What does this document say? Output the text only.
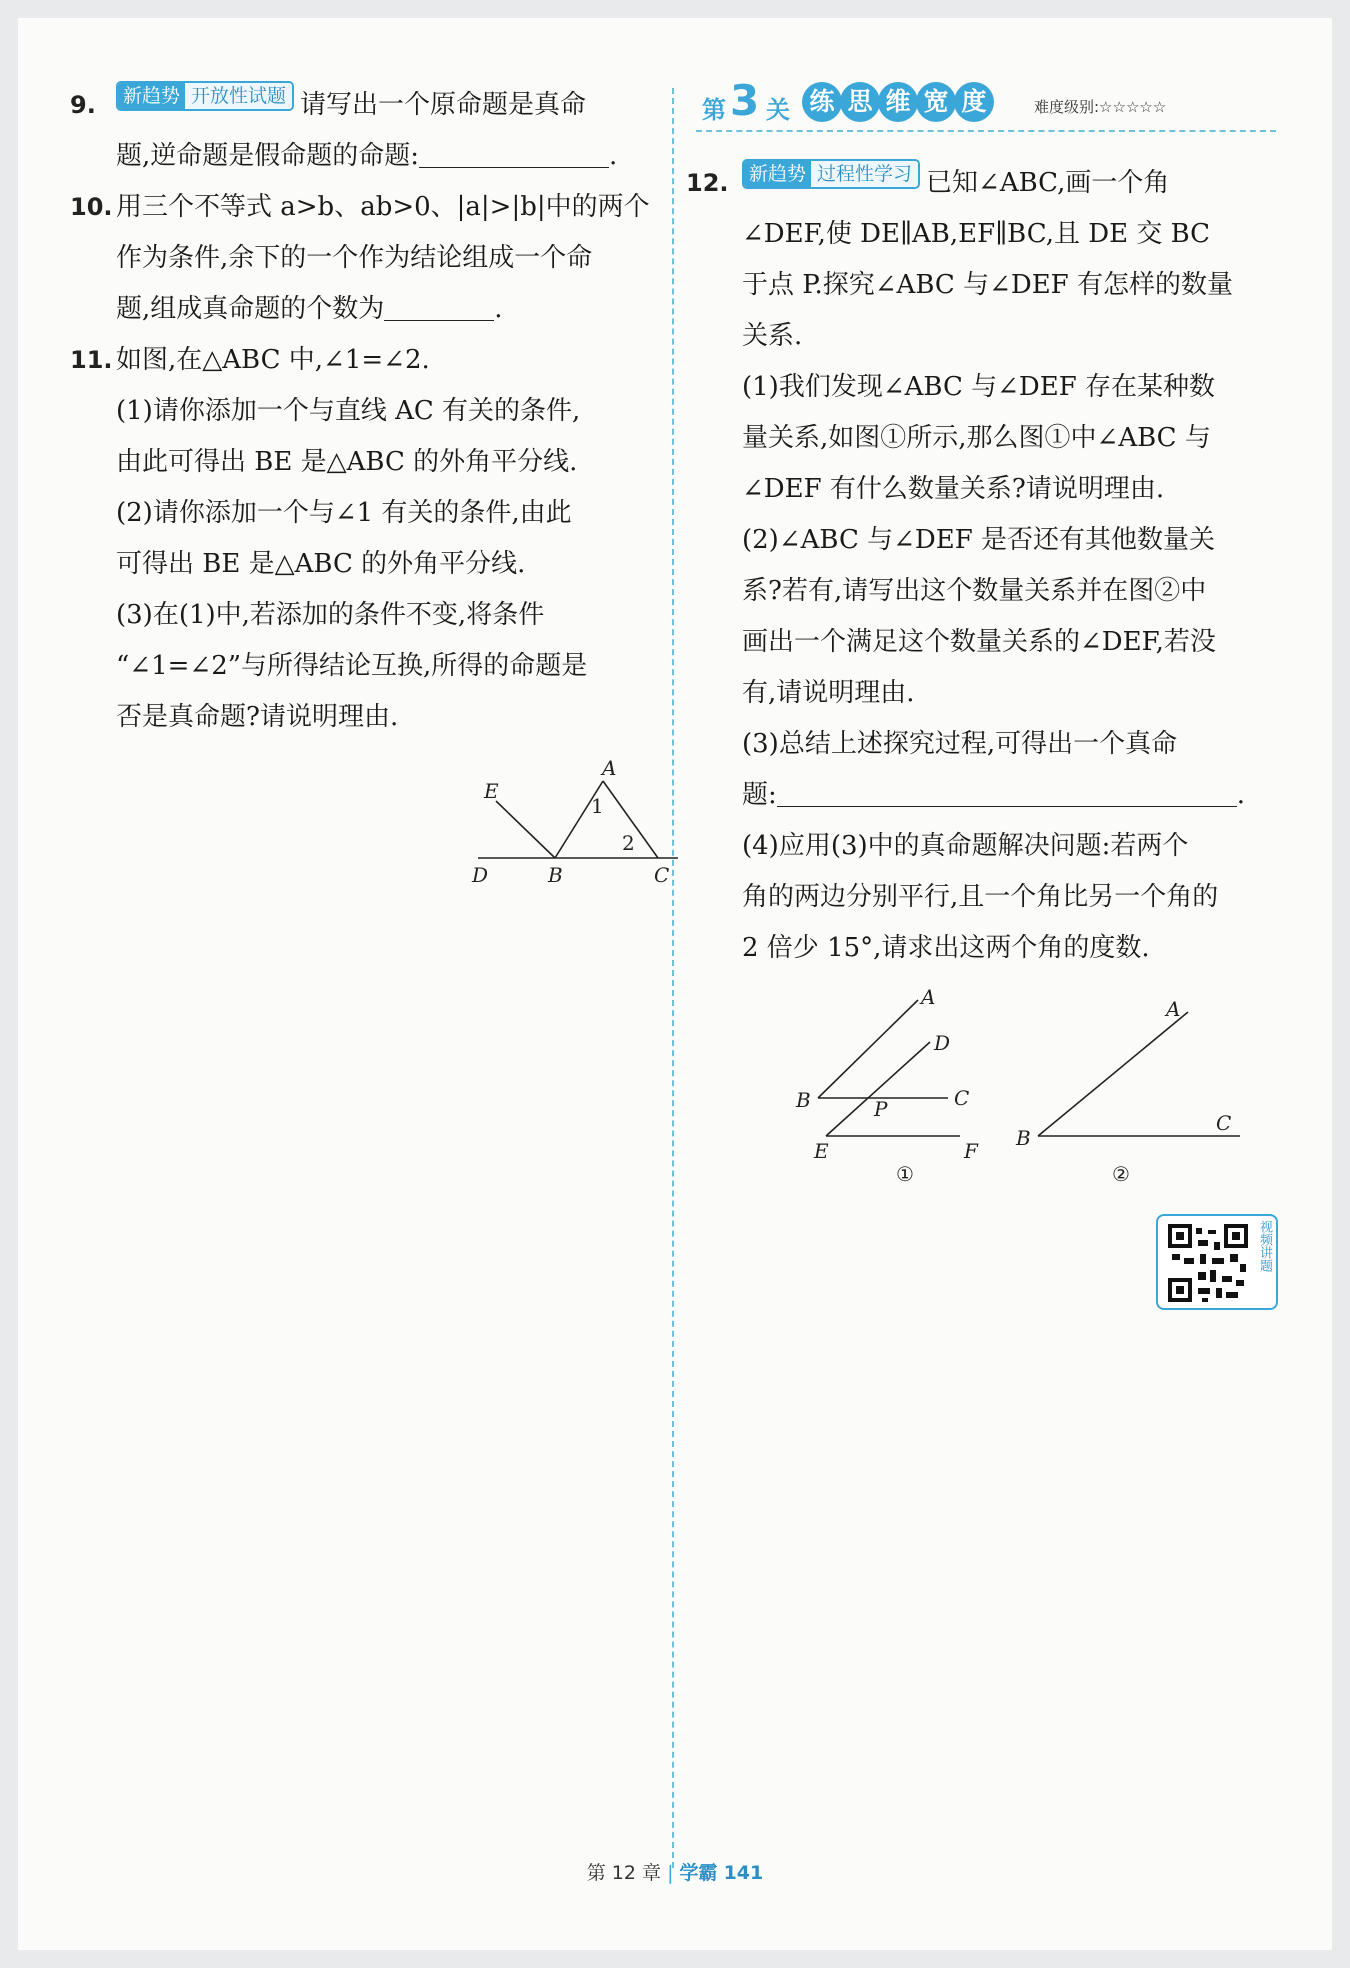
9. 新趋势 开放性试题 请写出一个原命题是真命
题,逆命题是假命题的命题:	.
10. 用三个不等式 a>b、ab>0、|a|>|b|中的两个
作为条件,余下的一个作为结论组成一个命
题,组成真命题的个数为	.
11. 如图,在△ABC 中,∠1=∠2.
(1)请你添加一个与直线 AC 有关的条件,
由此可得出 BE 是△ABC 的外角平分线.
(2)请你添加一个与∠1 有关的条件,由此
可得出 BE 是△ABC 的外角平分线.
(3)在(1)中,若添加的条件不变,将条件
“∠1=∠2”与所得结论互换,所得的命题是
否是真命题?请说明理由.
A
E
D	B	C
1
2
第 3 关 练 思 维 宽 度	难度级别:☆☆☆☆☆
12. 新趋势 过程性学习 已知∠ABC,画一个角
∠DEF,使 DE∥AB,EF∥BC,且 DE 交 BC
于点 P.探究∠ABC 与∠DEF 有怎样的数量
关系.
(1)我们发现∠ABC 与∠DEF 存在某种数
量关系,如图①所示,那么图①中∠ABC 与
∠DEF 有什么数量关系?请说明理由.
(2)∠ABC 与∠DEF 是否还有其他数量关
系?若有,请写出这个数量关系并在图②中
画出一个满足这个数量关系的∠DEF,若没
有,请说明理由.
(3)总结上述探究过程,可得出一个真命
题:	.
(4)应用(3)中的真命题解决问题:若两个
角的两边分别平行,且一个角比另一个角的
2 倍少 15°,请求出这两个角的度数.
A
D
B	C
P
E	F
①
A
B
C
②
视频讲题
第 12 章 | 学霸 141
